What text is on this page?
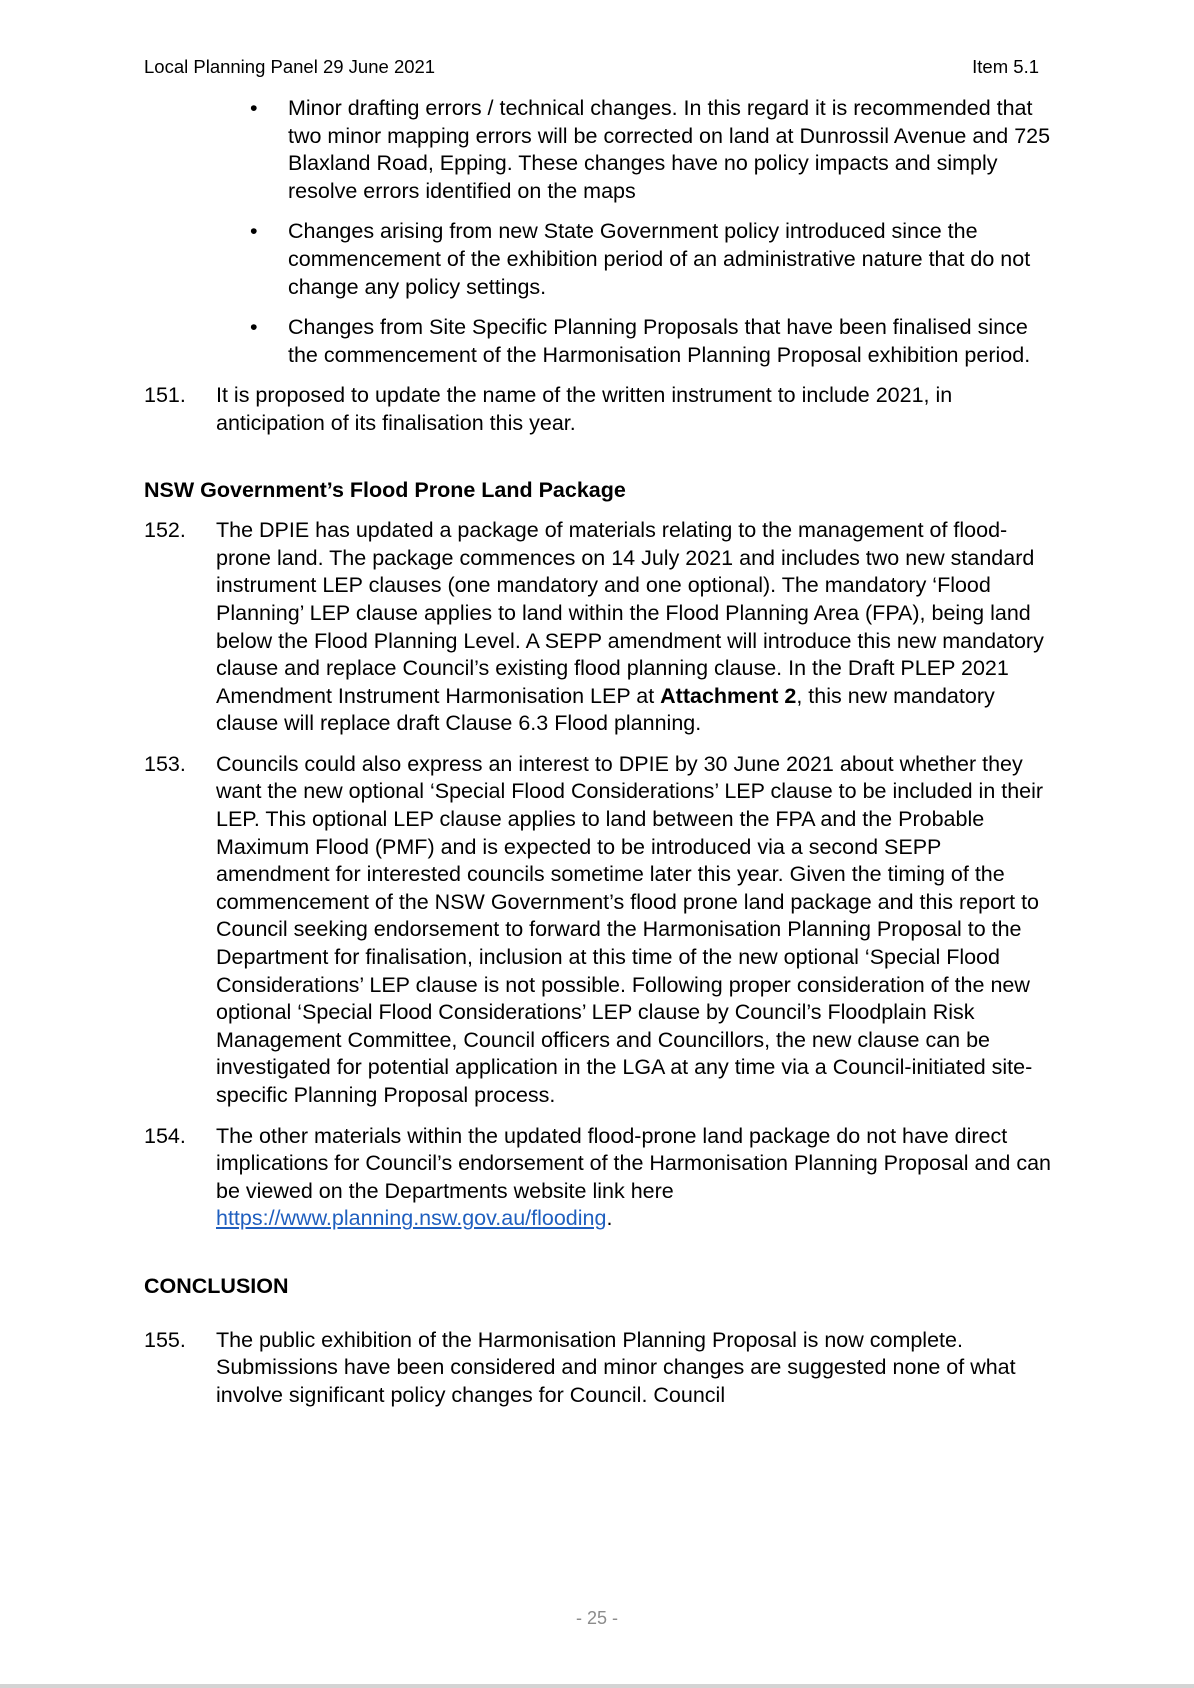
Local Planning Panel 29 June 2021	Item 5.1
• Minor drafting errors / technical changes. In this regard it is recommended that two minor mapping errors will be corrected on land at Dunrossil Avenue and 725 Blaxland Road, Epping. These changes have no policy impacts and simply resolve errors identified on the maps
• Changes arising from new State Government policy introduced since the commencement of the exhibition period of an administrative nature that do not change any policy settings.
• Changes from Site Specific Planning Proposals that have been finalised since the commencement of the Harmonisation Planning Proposal exhibition period.
151. It is proposed to update the name of the written instrument to include 2021, in anticipation of its finalisation this year.

NSW Government’s Flood Prone Land Package

152. The DPIE has updated a package of materials relating to the management of flood-prone land. The package commences on 14 July 2021 and includes two new standard instrument LEP clauses (one mandatory and one optional). The mandatory ‘Flood Planning’ LEP clause applies to land within the Flood Planning Area (FPA), being land below the Flood Planning Level. A SEPP amendment will introduce this new mandatory clause and replace Council’s existing flood planning clause. In the Draft PLEP 2021 Amendment Instrument Harmonisation LEP at Attachment 2, this new mandatory clause will replace draft Clause 6.3 Flood planning.
153. Councils could also express an interest to DPIE by 30 June 2021 about whether they want the new optional ‘Special Flood Considerations’ LEP clause to be included in their LEP. This optional LEP clause applies to land between the FPA and the Probable Maximum Flood (PMF) and is expected to be introduced via a second SEPP amendment for interested councils sometime later this year. Given the timing of the commencement of the NSW Government’s flood prone land package and this report to Council seeking endorsement to forward the Harmonisation Planning Proposal to the Department for finalisation, inclusion at this time of the new optional ‘Special Flood Considerations’ LEP clause is not possible. Following proper consideration of the new optional ‘Special Flood Considerations’ LEP clause by Council’s Floodplain Risk Management Committee, Council officers and Councillors, the new clause can be investigated for potential application in the LGA at any time via a Council-initiated site-specific Planning Proposal process.
154. The other materials within the updated flood-prone land package do not have direct implications for Council’s endorsement of the Harmonisation Planning Proposal and can be viewed on the Departments website link here https://www.planning.nsw.gov.au/flooding.

CONCLUSION

155. The public exhibition of the Harmonisation Planning Proposal is now complete. Submissions have been considered and minor changes are suggested none of what involve significant policy changes for Council. Council
- 25 -
